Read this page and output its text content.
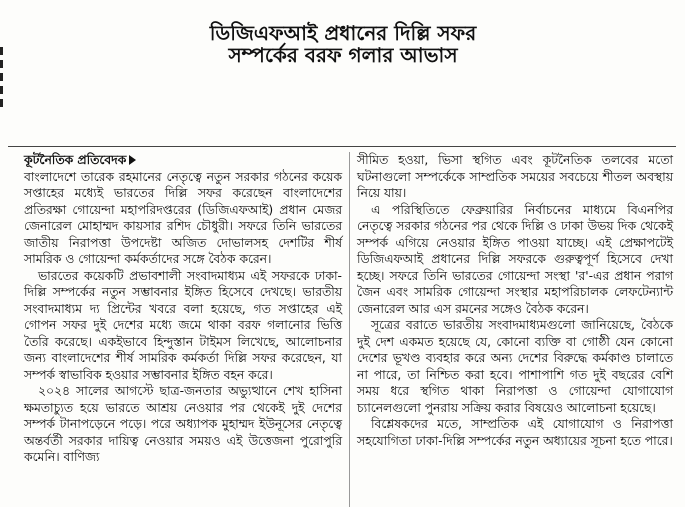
ডিজিএফআই প্রধানের দিল্লি সফর
সম্পর্কের বরফ গলার আভাস
কূটনৈতিক প্রতিবেদক

বাংলাদেশে তারেক রহমানের নেতৃত্বে নতুন সরকার গঠনের কয়েক সপ্তাহের মধ্যেই ভারতের দিল্লি সফর করেছেন বাংলাদেশের প্রতিরক্ষা গোয়েন্দা মহাপরিদপ্তরের (ডিজিএফআই) প্রধান মেজর জেনারেল মোহাম্মদ কায়সার রশিদ চৌধুরী। সফরে তিনি ভারতের জাতীয় নিরাপত্তা উপদেষ্টা অজিত দোভালসহ দেশটির শীর্ষ সামরিক ও গোয়েন্দা কর্মকর্তাদের সঙ্গে বৈঠক করেন।

ভারতের কয়েকটি প্রভাবশালী সংবাদমাধ্যম এই সফরকে ঢাকা-দিল্লি সম্পর্কের নতুন সম্ভাবনার ইঙ্গিত হিসেবে দেখছে। ভারতীয় সংবাদমাধ্যম দ্য প্রিন্টের খবরে বলা হয়েছে, গত সপ্তাহের এই গোপন সফর দুই দেশের মধ্যে জমে থাকা বরফ গলানোর ভিত্তি তৈরি করেছে। একইভাবে হিন্দুস্তান টাইমস লিখেছে, আলোচনার জন্য বাংলাদেশের শীর্ষ সামরিক কর্মকর্তা দিল্লি সফর করেছেন, যা সম্পর্ক স্বাভাবিক হওয়ার সম্ভাবনার ইঙ্গিত বহন করে।

২০২৪ সালের আগস্টে ছাত্র-জনতার অভ্যুত্থানে শেখ হাসিনা ক্ষমতাচ্যুত হয়ে ভারতে আশ্রয় নেওয়ার পর থেকেই দুই দেশের সম্পর্ক টানাপড়েনে পড়ে। পরে অধ্যাপক মুহাম্মদ ইউনূসের নেতৃত্বে অন্তর্বর্তী সরকার দায়িত্ব নেওয়ার সময়ও এই উত্তেজনা পুরোপুরি কমেনি। বাণিজ্য

সীমিত হওয়া, ভিসা স্থগিত এবং কূটনৈতিক তলবের মতো ঘটনাগুলো সম্পর্কেকে সাম্প্রতিক সময়ের সবচেয়ে শীতল অবস্থায় নিয়ে যায়।

এ পরিস্থিতিতে ফেব্রুয়ারির নির্বাচনের মাধ্যমে বিএনপির নেতৃত্বে সরকার গঠনের পর থেকে দিল্লি ও ঢাকা উভয় দিক থেকেই সম্পর্ক এগিয়ে নেওয়ার ইঙ্গিত পাওয়া যাচ্ছে। এই প্রেক্ষাপটেই ডিজিএফআই প্রধানের দিল্লি সফরকে গুরুত্বপূর্ণ হিসেবে দেখা হচ্ছে। সফরে তিনি ভারতের গোয়েন্দা সংস্থা 'র'-এর প্রধান পরাগ জৈন এবং সামরিক গোয়েন্দা সংস্থার মহাপরিচালক লেফটেন্যান্ট জেনারেল আর এস রমনের সঙ্গেও বৈঠক করেন।

সূত্রের বরাতে ভারতীয় সংবাদমাধ্যমগুলো জানিয়েছে, বৈঠকে দুই দেশ একমত হয়েছে যে, কোনো ব্যক্তি বা গোষ্ঠী যেন কোনো দেশের ভূখণ্ড ব্যবহার করে অন্য দেশের বিরুদ্ধে কর্মকাণ্ড চালাতে না পারে, তা নিশ্চিত করা হবে। পাশাপাশি গত দুই বছরের বেশি সময় ধরে স্থগিত থাকা নিরাপত্তা ও গোয়েন্দা যোগাযোগ চ্যানেলগুলো পুনরায় সক্রিয় করার বিষয়েও আলোচনা হয়েছে।

বিশ্লেষকদের মতে, সাম্প্রতিক এই যোগাযোগ ও নিরাপত্তা সহযোগিতা ঢাকা-দিল্লি সম্পর্কের নতুন অধ্যায়ের সূচনা হতে পারে।
